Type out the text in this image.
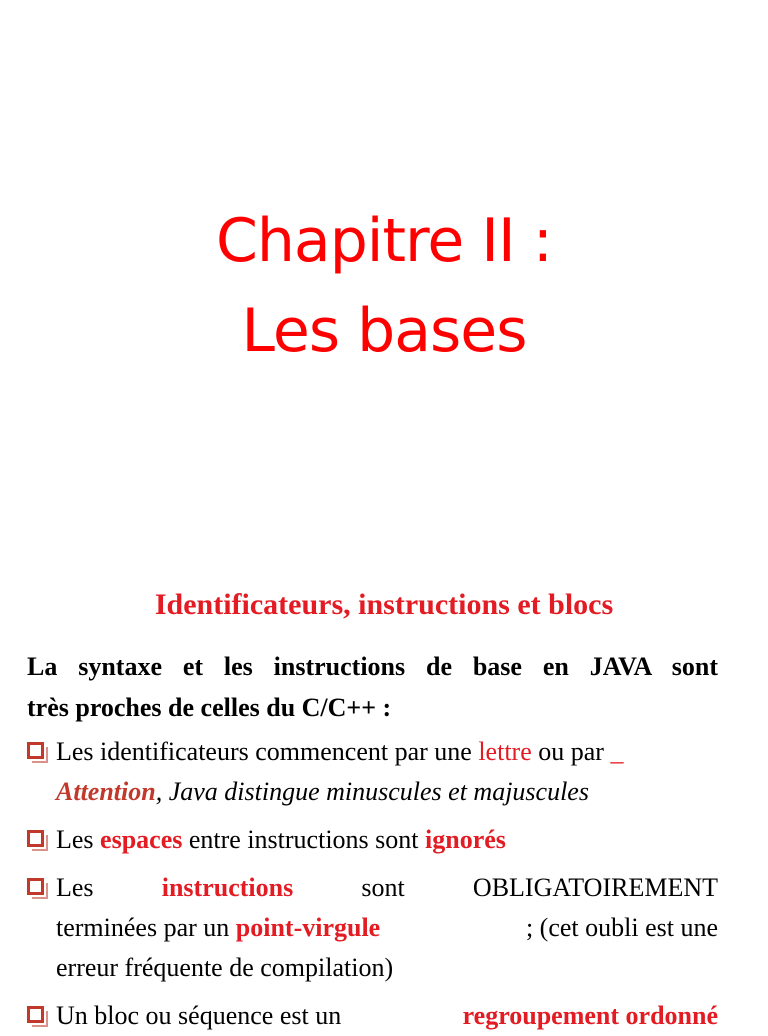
Chapitre II :
Les bases
Identificateurs, instructions et blocs
La syntaxe et les instructions de base en JAVA sont
très proches de celles du C/C++ :
Les identificateurs commencent par une lettre ou par _
Attention, Java distingue minuscules et majuscules
Les espaces entre instructions sont ignorés
Les	instructions	sont	OBLIGATOIREMENT
terminées par un point-virgule	; (cet oubli est une
erreur fréquente de compilation)
Un bloc ou séquence est un	regroupement ordonné
